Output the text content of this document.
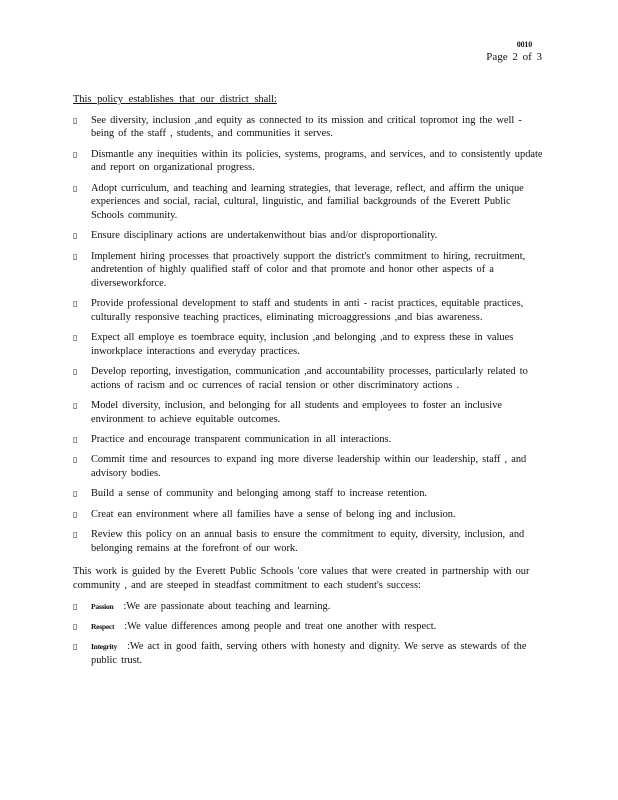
0010
Page 2 of 3
This policy establishes that our district shall:
▯	See diversity, inclusion ,and equity as connected to its mission and critical topromot ing the well -being of the staff , students, and communities it serves.
▯	Dismantle any inequities within its policies, systems, programs, and services, and to consistently update and report on organizational progress.
▯	Adopt curriculum, and teaching and learning strategies, that leverage, reflect, and affirm the unique experiences and social, racial, cultural, linguistic, and familial backgrounds of the Everett Public Schools community.
▯	Ensure disciplinary actions are undertakenwithout bias and/or disproportionality.
▯	Implement hiring processes that proactively support the district's commitment to hiring, recruitment, andretention of highly qualified staff of color and that promote and honor other aspects of a diverseworkforce.
▯	Provide professional development to staff and students in anti - racist practices, equitable practices, culturally responsive teaching practices, eliminating microaggressions ,and bias awareness.
▯	Expect all employe es toembrace equity, inclusion ,and belonging ,and to express these in values inworkplace interactions and everyday practices.
▯	Develop reporting, investigation, communication ,and accountability processes, particularly related to actions of racism and oc currences of racial tension or other discriminatory actions .
▯	Model diversity, inclusion, and belonging for all students and employees to foster an inclusive environment to achieve equitable outcomes.
▯	Practice and encourage transparent communication in all interactions.
▯	Commit time and resources to expand ing more diverse leadership within our leadership, staff , and advisory bodies.
▯	Build a sense of community and belonging among staff to increase retention.
▯	Creat ean environment where all families have a sense of belong ing and inclusion.
▯	Review this policy on an annual basis to ensure the commitment to equity, diversity, inclusion, and belonging remains at the forefront of our work.
This work is guided by the Everett Public Schools 'core values that were created in partnership with our community , and are steeped in steadfast commitment to each student's success:
▯	Passion :We are passionate about teaching and learning.
▯	Respect :We value differences among people and treat one another with respect.
▯	Integrity :We act in good faith, serving others with honesty and dignity. We serve as stewards of the public trust.
